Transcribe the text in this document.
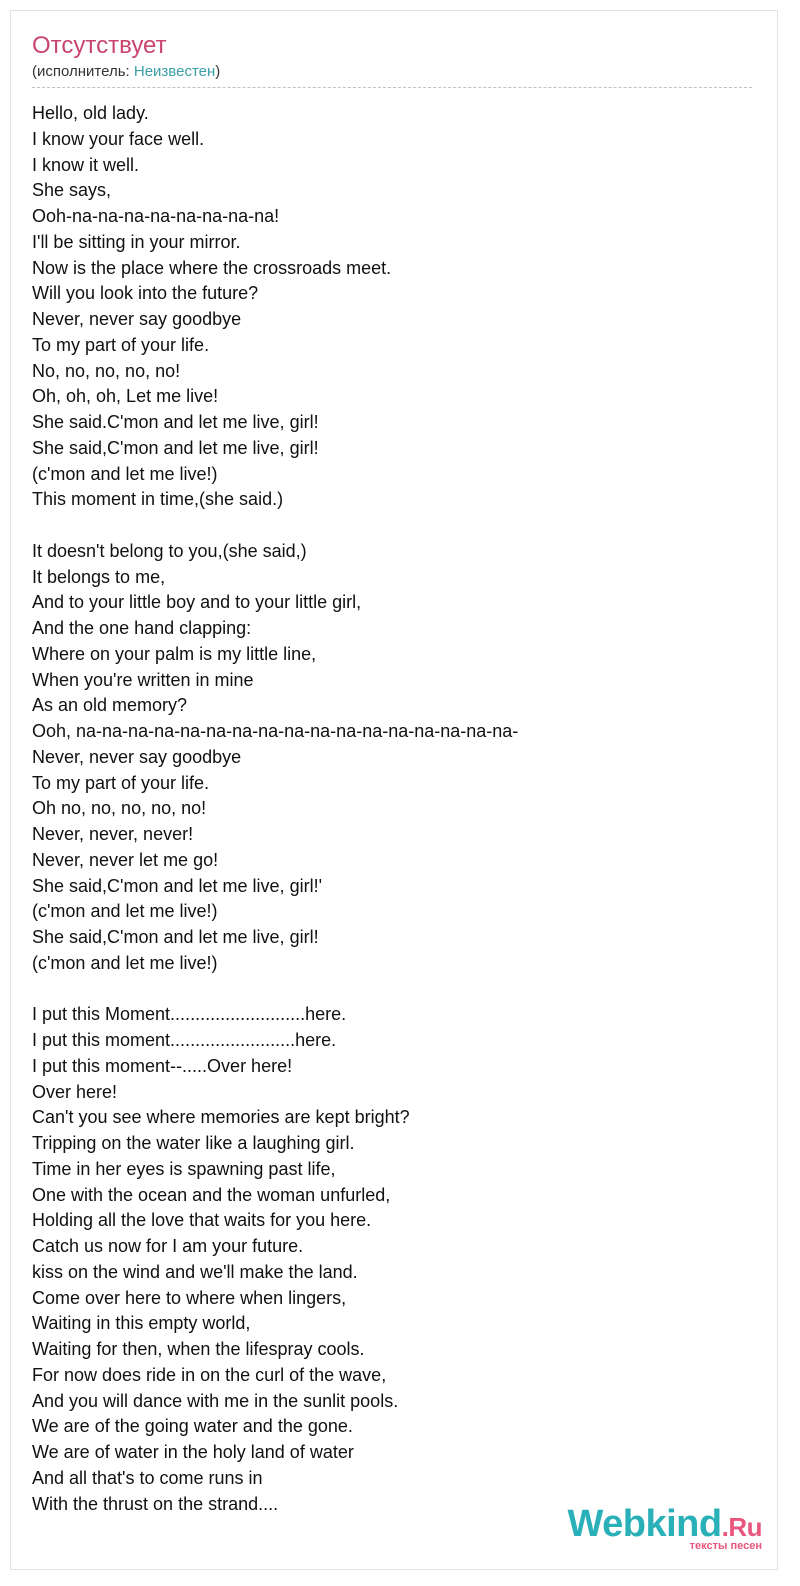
Отсутствует
(исполнитель: Неизвестен)
Hello, old lady.
I know your face well.
I know it well.
She says,
Ooh-na-na-na-na-na-na-na-na!
I'll be sitting in your mirror.
Now is the place where the crossroads meet.
Will you look into the future?
Never, never say goodbye
To my part of your life.
No, no, no, no, no!
Oh, oh, oh, Let me live!
She said.C'mon and let me live, girl!
She said,C'mon and let me live, girl!
(c'mon and let me live!)
This moment in time,(she said.)
It doesn't belong to you,(she said,)
It belongs to me,
And to your little boy and to your little girl,
And the one hand clapping:
Where on your palm is my little line,
When you're written in mine
As an old memory?
Ooh, na-na-na-na-na-na-na-na-na-na-na-na-na-na-na-na-na-
Never, never say goodbye
To my part of your life.
Oh no, no, no, no, no!
Never, never, never!
Never, never let me go!
She said,C'mon and let me live, girl!'
(c'mon and let me live!)
She said,C'mon and let me live, girl!
(c'mon and let me live!)
I put this Moment...........................here.
I put this moment.........................here.
I put this moment--.....Over here!
Over here!
Can't you see where memories are kept bright?
Tripping on the water like a laughing girl.
Time in her eyes is spawning past life,
One with the ocean and the woman unfurled,
Holding all the love that waits for you here.
Catch us now for I am your future.
kiss on the wind and we'll make the land.
Come over here to where when lingers,
Waiting in this empty world,
Waiting for then, when the lifespray cools.
For now does ride in on the curl of the wave,
And you will dance with me in the sunlit pools.
We are of the going water and the gone.
We are of water in the holy land of water
And all that's to come runs in
With the thrust on the strand....	Webkind.Ru
тексты песен
